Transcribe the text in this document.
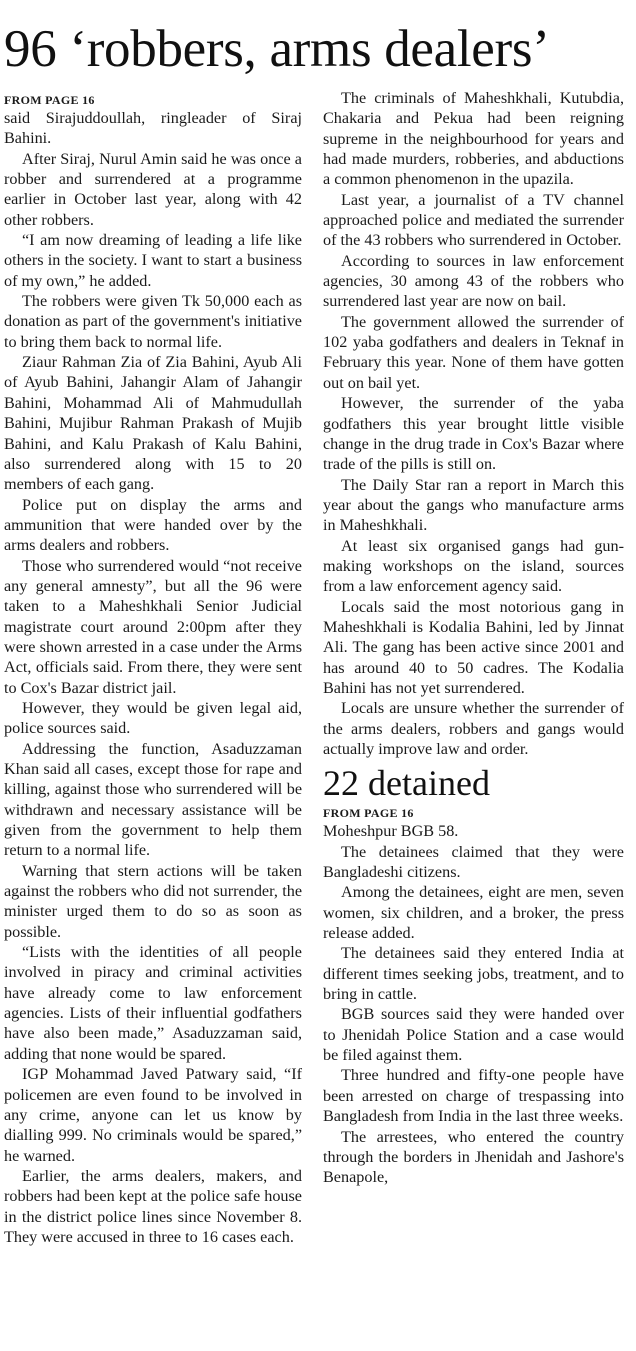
96 ‘robbers, arms dealers’
FROM PAGE 16

said Sirajuddoullah, ringleader of Siraj Bahini.

After Siraj, Nurul Amin said he was once a robber and surrendered at a programme earlier in October last year, along with 42 other robbers.

“I am now dreaming of leading a life like others in the society. I want to start a business of my own,” he added.

The robbers were given Tk 50,000 each as donation as part of the government's initiative to bring them back to normal life.

Ziaur Rahman Zia of Zia Bahini, Ayub Ali of Ayub Bahini, Jahangir Alam of Jahangir Bahini, Mohammad Ali of Mahmudullah Bahini, Mujibur Rahman Prakash of Mujib Bahini, and Kalu Prakash of Kalu Bahini, also surrendered along with 15 to 20 members of each gang.

Police put on display the arms and ammunition that were handed over by the arms dealers and robbers.

Those who surrendered would “not receive any general amnesty”, but all the 96 were taken to a Maheshkhali Senior Judicial magistrate court around 2:00pm after they were shown arrested in a case under the Arms Act, officials said. From there, they were sent to Cox's Bazar district jail.

However, they would be given legal aid, police sources said.

Addressing the function, Asaduzzaman Khan said all cases, except those for rape and killing, against those who surrendered will be withdrawn and necessary assistance will be given from the government to help them return to a normal life.

Warning that stern actions will be taken against the robbers who did not surrender, the minister urged them to do so as soon as possible.

“Lists with the identities of all people involved in piracy and criminal activities have already come to law enforcement agencies. Lists of their influential godfathers have also been made,” Asaduzzaman said, adding that none would be spared.

IGP Mohammad Javed Patwary said, “If policemen are even found to be involved in any crime, anyone can let us know by dialling 999. No criminals would be spared,” he warned.

Earlier, the arms dealers, makers, and robbers had been kept at the police safe house in the district police lines since November 8. They were accused in three to 16 cases each.

The criminals of Maheshkhali, Kutubdia, Chakaria and Pekua had been reigning supreme in the neighbourhood for years and had made murders, robberies, and abductions a common phenomenon in the upazila.

Last year, a journalist of a TV channel approached police and mediated the surrender of the 43 robbers who surrendered in October.

According to sources in law enforcement agencies, 30 among 43 of the robbers who surrendered last year are now on bail.

The government allowed the surrender of 102 yaba godfathers and dealers in Teknaf in February this year. None of them have gotten out on bail yet.

However, the surrender of the yaba godfathers this year brought little visible change in the drug trade in Cox's Bazar where trade of the pills is still on.

The Daily Star ran a report in March this year about the gangs who manufacture arms in Maheshkhali.

At least six organised gangs had gun-making workshops on the island, sources from a law enforcement agency said.

Locals said the most notorious gang in Maheshkhali is Kodalia Bahini, led by Jinnat Ali. The gang has been active since 2001 and has around 40 to 50 cadres. The Kodalia Bahini has not yet surrendered.

Locals are unsure whether the surrender of the arms dealers, robbers and gangs would actually improve law and order.

22 detained
FROM PAGE 16

Moheshpur BGB 58.

The detainees claimed that they were Bangladeshi citizens.

Among the detainees, eight are men, seven women, six children, and a broker, the press release added.

The detainees said they entered India at different times seeking jobs, treatment, and to bring in cattle.

BGB sources said they were handed over to Jhenidah Police Station and a case would be filed against them.

Three hundred and fifty-one people have been arrested on charge of trespassing into Bangladesh from India in the last three weeks.

The arrestees, who entered the country through the borders in Jhenidah and Jashore's Benapole,
